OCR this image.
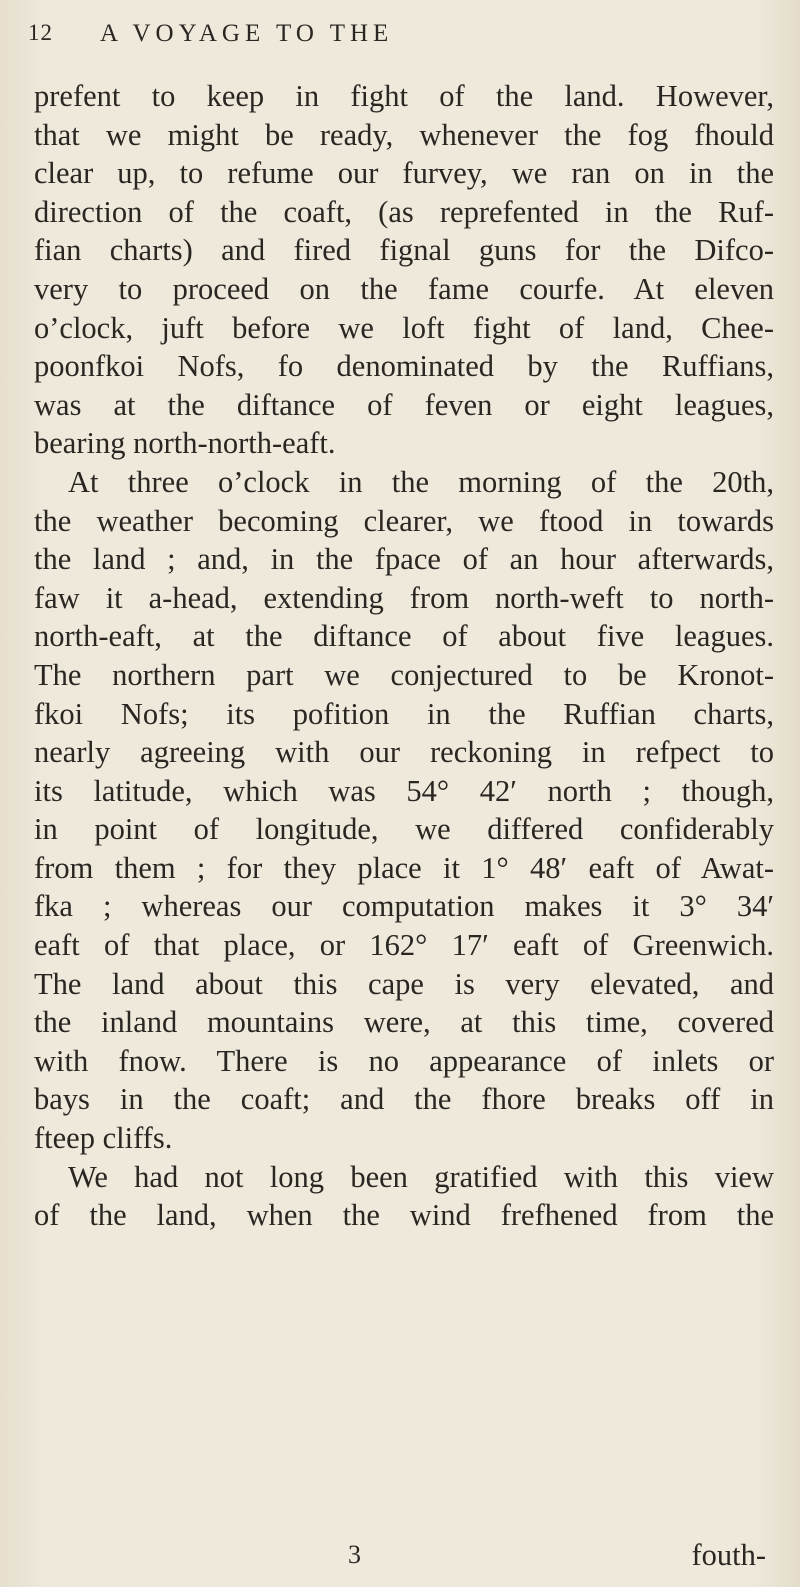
12 A VOYAGE TO THE
prefent to keep in fight of the land. However,
that we might be ready, whenever the fog fhould
clear up, to refume our furvey, we ran on in the
direction of the coaft, (as reprefented in the Ruf-
fian charts) and fired fignal guns for the Difco-
very to proceed on the fame courfe. At eleven
o’clock, juft before we loft fight of land, Chee-
poonfkoi Nofs, fo denominated by the Ruffians,
was at the diftance of feven or eight leagues,
bearing north-north-eaft.
At three o’clock in the morning of the 20th,
the weather becoming clearer, we ftood in towards
the land ; and, in the fpace of an hour afterwards,
faw it a-head, extending from north-weft to north-
north-eaft, at the diftance of about five leagues.
The northern part we conjectured to be Kronot-
fkoi Nofs; its pofition in the Ruffian charts,
nearly agreeing with our reckoning in refpect to
its latitude, which was 54° 42′ north ; though,
in point of longitude, we differed confiderably
from them ; for they place it 1° 48′ eaft of Awat-
fka ; whereas our computation makes it 3° 34′
eaft of that place, or 162° 17′ eaft of Greenwich.
The land about this cape is very elevated, and
the inland mountains were, at this time, covered
with fnow. There is no appearance of inlets or
bays in the coaft; and the fhore breaks off in
fteep cliffs.
We had not long been gratified with this view
of the land, when the wind frefhened from the
3	fouth-
